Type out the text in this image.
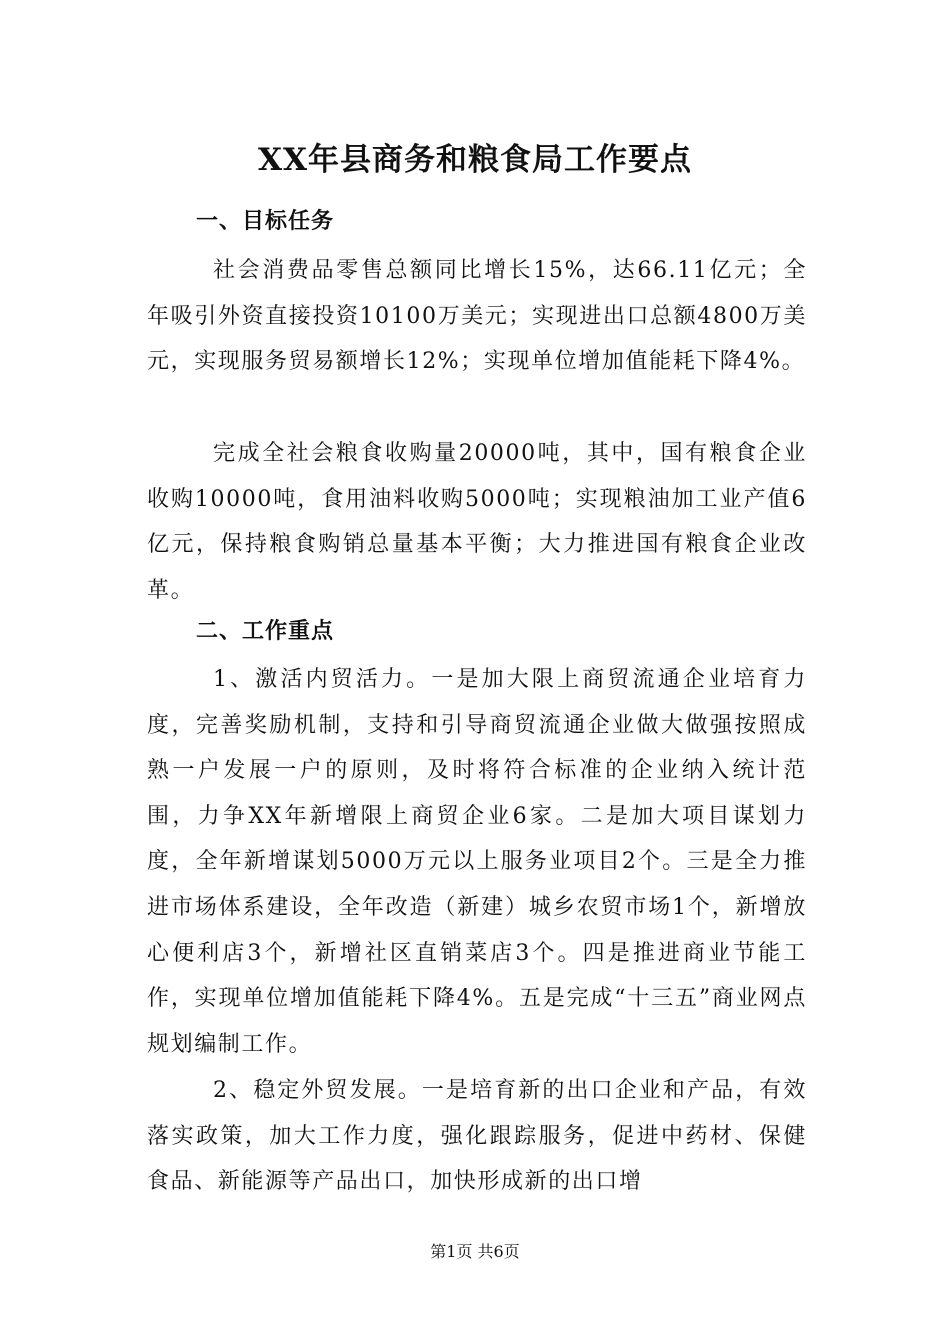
XX年县商务和粮食局工作要点
一、目标任务
社会消费品零售总额同比增长15%，达66.11亿元；全年吸引外资直接投资10100万美元；实现进出口总额4800万美元，实现服务贸易额增长12%；实现单位增加值能耗下降4%。
完成全社会粮食收购量20000吨，其中，国有粮食企业收购10000吨，食用油料收购5000吨；实现粮油加工业产值6亿元，保持粮食购销总量基本平衡；大力推进国有粮食企业改革。
二、工作重点
1、激活内贸活力。一是加大限上商贸流通企业培育力度，完善奖励机制，支持和引导商贸流通企业做大做强按照成熟一户发展一户的原则，及时将符合标准的企业纳入统计范围，力争XX年新增限上商贸企业6家。二是加大项目谋划力度，全年新增谋划5000万元以上服务业项目2个。三是全力推进市场体系建设，全年改造（新建）城乡农贸市场1个，新增放心便利店3个，新增社区直销菜店3个。四是推进商业节能工作，实现单位增加值能耗下降4%。五是完成“十三五”商业网点规划编制工作。
2、稳定外贸发展。一是培育新的出口企业和产品，有效落实政策，加大工作力度，强化跟踪服务，促进中药材、保健食品、新能源等产品出口，加快形成新的出口增
第1页 共6页
